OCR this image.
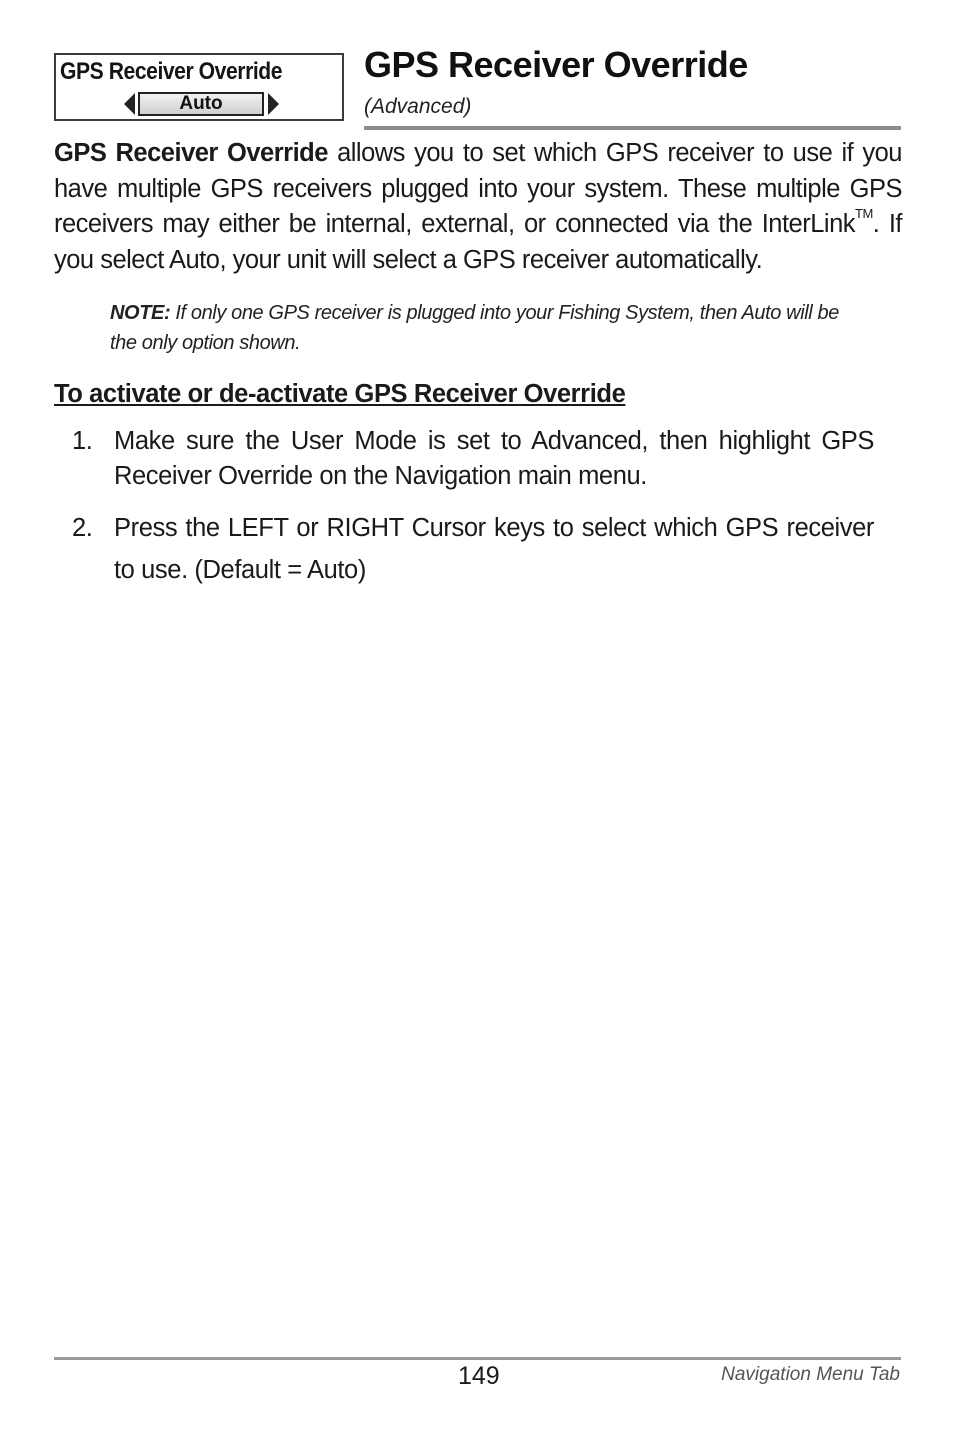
GPS Receiver Override
Auto
GPS Receiver Override
(Advanced)

GPS Receiver Override allows you to set which GPS receiver to use if you have multiple GPS receivers plugged into your system. These multiple GPS receivers may either be internal, external, or connected via the InterLink™. If you select Auto, your unit will select a GPS receiver automatically.

NOTE: If only one GPS receiver is plugged into your Fishing System, then Auto will be the only option shown.

To activate or de-activate GPS Receiver Override
1. Make sure the User Mode is set to Advanced, then highlight GPS Receiver Override on the Navigation main menu.
2. Press the LEFT or RIGHT Cursor keys to select which GPS receiver to use. (Default = Auto)
149	Navigation Menu Tab
